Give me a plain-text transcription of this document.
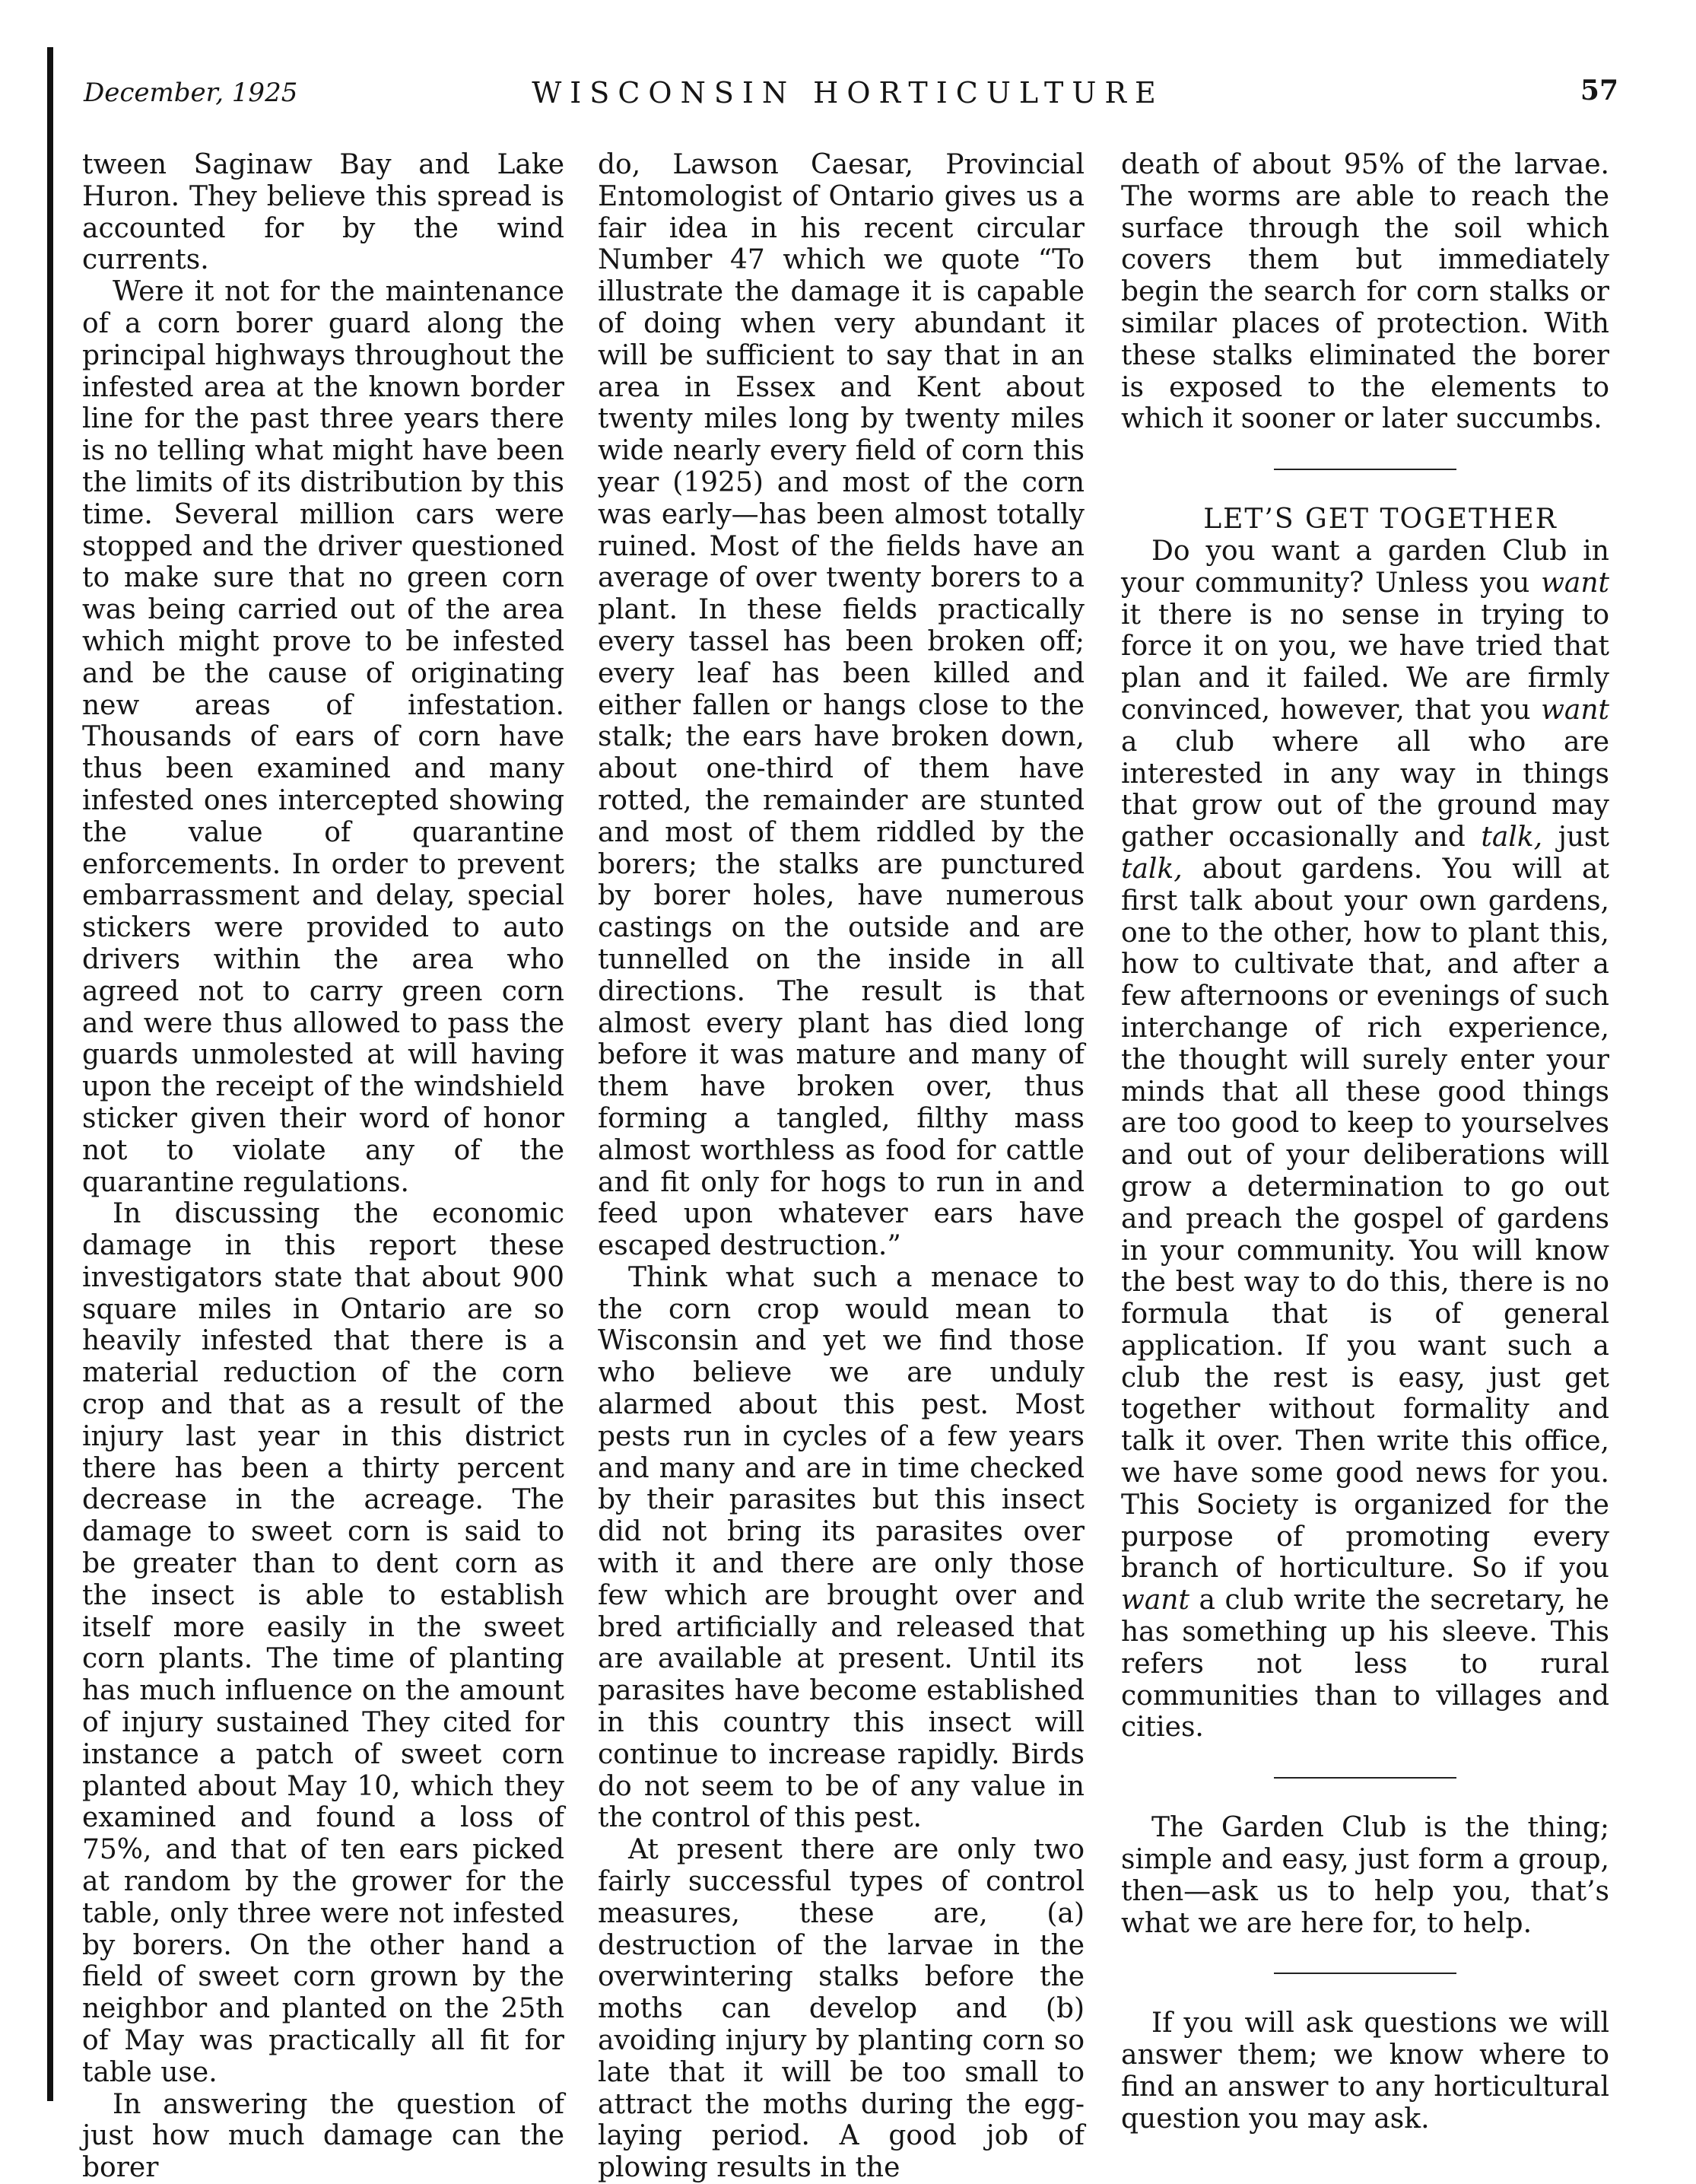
December, 1925	WISCONSIN HORTICULTURE	57

tween Saginaw Bay and Lake Huron. They believe this spread is accounted for by the wind currents.

Were it not for the maintenance of a corn borer guard along the principal highways throughout the infested area at the known border line for the past three years there is no telling what might have been the limits of its distribution by this time. Several million cars were stopped and the driver questioned to make sure that no green corn was being carried out of the area which might prove to be infested and be the cause of originating new areas of infestation. Thousands of ears of corn have thus been examined and many infested ones intercepted showing the value of quarantine enforcements. In order to prevent embarrassment and delay, special stickers were provided to auto drivers within the area who agreed not to carry green corn and were thus allowed to pass the guards unmolested at will having upon the receipt of the windshield sticker given their word of honor not to violate any of the quarantine regulations.

In discussing the economic damage in this report these investigators state that about 900 square miles in Ontario are so heavily infested that there is a material reduction of the corn crop and that as a result of the injury last year in this district there has been a thirty percent decrease in the acreage. The damage to sweet corn is said to be greater than to dent corn as the insect is able to establish itself more easily in the sweet corn plants. The time of planting has much influence on the amount of injury sustained They cited for instance a patch of sweet corn planted about May 10, which they examined and found a loss of 75%, and that of ten ears picked at random by the grower for the table, only three were not infested by borers. On the other hand a field of sweet corn grown by the neighbor and planted on the 25th of May was practically all fit for table use.

In answering the question of just how much damage can the borer

do, Lawson Caesar, Provincial Entomologist of Ontario gives us a fair idea in his recent circular Number 47 which we quote “To illustrate the damage it is capable of doing when very abundant it will be sufficient to say that in an area in Essex and Kent about twenty miles long by twenty miles wide nearly every field of corn this year (1925) and most of the corn was early—has been almost totally ruined. Most of the fields have an average of over twenty borers to a plant. In these fields practically every tassel has been broken off; every leaf has been killed and either fallen or hangs close to the stalk; the ears have broken down, about one-third of them have rotted, the remainder are stunted and most of them riddled by the borers; the stalks are punctured by borer holes, have numerous castings on the outside and are tunnelled on the inside in all directions. The result is that almost every plant has died long before it was mature and many of them have broken over, thus forming a tangled, filthy mass almost worthless as food for cattle and fit only for hogs to run in and feed upon whatever ears have escaped destruction.”

Think what such a menace to the corn crop would mean to Wisconsin and yet we find those who believe we are unduly alarmed about this pest. Most pests run in cycles of a few years and many and are in time checked by their parasites but this insect did not bring its parasites over with it and there are only those few which are brought over and bred artificially and released that are available at present. Until its parasites have become established in this country this insect will continue to increase rapidly. Birds do not seem to be of any value in the control of this pest.

At present there are only two fairly successful types of control measures, these are, (a) destruction of the larvae in the overwintering stalks before the moths can develop and (b) avoiding injury by planting corn so late that it will be too small to attract the moths during the egg-laying period. A good job of plowing results in the

death of about 95% of the larvae. The worms are able to reach the surface through the soil which covers them but immediately begin the search for corn stalks or similar places of protection. With these stalks eliminated the borer is exposed to the elements to which it sooner or later succumbs.

LET’S GET TOGETHER

Do you want a garden Club in your community? Unless you want it there is no sense in trying to force it on you, we have tried that plan and it failed. We are firmly convinced, however, that you want a club where all who are interested in any way in things that grow out of the ground may gather occasionally and talk, just talk, about gardens. You will at first talk about your own gardens, one to the other, how to plant this, how to cultivate that, and after a few afternoons or evenings of such interchange of rich experience, the thought will surely enter your minds that all these good things are too good to keep to yourselves and out of your deliberations will grow a determination to go out and preach the gospel of gardens in your community. You will know the best way to do this, there is no formula that is of general application. If you want such a club the rest is easy, just get together without formality and talk it over. Then write this office, we have some good news for you. This Society is organized for the purpose of promoting every branch of horticulture. So if you want a club write the secretary, he has something up his sleeve. This refers not less to rural communities than to villages and cities.

The Garden Club is the thing; simple and easy, just form a group, then—ask us to help you, that’s what we are here for, to help.

If you will ask questions we will answer them; we know where to find an answer to any horticultural question you may ask.
